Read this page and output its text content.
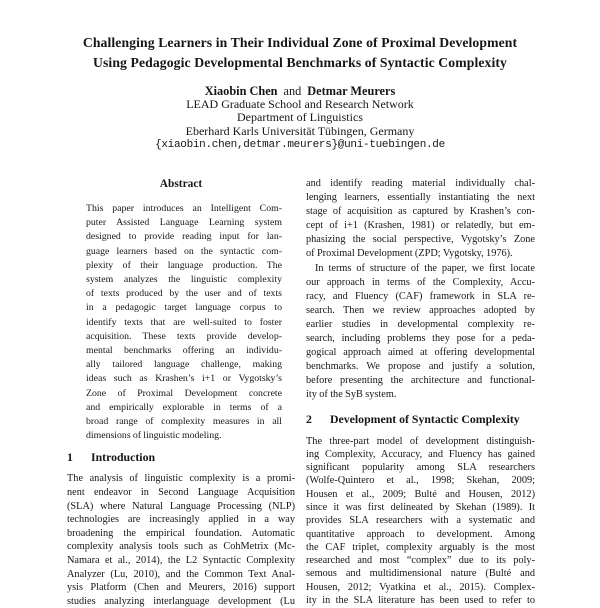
Challenging Learners in Their Individual Zone of Proximal Development
Using Pedagogic Developmental Benchmarks of Syntactic Complexity
Xiaobin Chen and Detmar Meurers
LEAD Graduate School and Research Network
Department of Linguistics
Eberhard Karls Universität Tübingen, Germany
{xiaobin.chen,detmar.meurers}@uni-tuebingen.de
Abstract
This paper introduces an Intelligent Com-
puter Assisted Language Learning system
designed to provide reading input for lan-
guage learners based on the syntactic com-
plexity of their language production. The
system analyzes the linguistic complexity
of texts produced by the user and of texts
in a pedagogic target language corpus to
identify texts that are well-suited to foster
acquisition. These texts provide develop-
mental benchmarks offering an individu-
ally tailored language challenge, making
ideas such as Krashen’s i+1 or Vygotsky’s
Zone of Proximal Development concrete
and empirically explorable in terms of a
broad range of complexity measures in all
dimensions of linguistic modeling.
1 Introduction
The analysis of linguistic complexity is a promi-
nent endeavor in Second Language Acquisition
(SLA) where Natural Language Processing (NLP)
technologies are increasingly applied in a way
broadening the empirical foundation. Automatic
complexity analysis tools such as CohMetrix (Mc-
Namara et al., 2014), the L2 Syntactic Complexity
Analyzer (Lu, 2010), and the Common Text Anal-
ysis Platform (Chen and Meurers, 2016) support
studies analyzing interlanguage development (Lu
and identify reading material individually chal-
lenging learners, essentially instantiating the next
stage of acquisition as captured by Krashen’s con-
cept of i+1 (Krashen, 1981) or relatedly, but em-
phasizing the social perspective, Vygotsky’s Zone
of Proximal Development (ZPD; Vygotsky, 1976).
In terms of structure of the paper, we first locate
our approach in terms of the Complexity, Accu-
racy, and Fluency (CAF) framework in SLA re-
search. Then we review approaches adopted by
earlier studies in developmental complexity re-
search, including problems they pose for a peda-
gogical approach aimed at offering developmental
benchmarks. We propose and justify a solution,
before presenting the architecture and functional-
ity of the SyB system.
2 Development of Syntactic Complexity
The three-part model of development distinguish-
ing Complexity, Accuracy, and Fluency has gained
significant popularity among SLA researchers
(Wolfe-Quintero et al., 1998; Skehan, 2009;
Housen et al., 2009; Bulté and Housen, 2012)
since it was first delineated by Skehan (1989). It
provides SLA researchers with a systematic and
quantitative approach to development. Among
the CAF triplet, complexity arguably is the most
researched and most “complex” due to its poly-
semous and multidimensional nature (Bulté and
Housen, 2012; Vyatkina et al., 2015). Complex-
ity in the SLA literature has been used to refer to
